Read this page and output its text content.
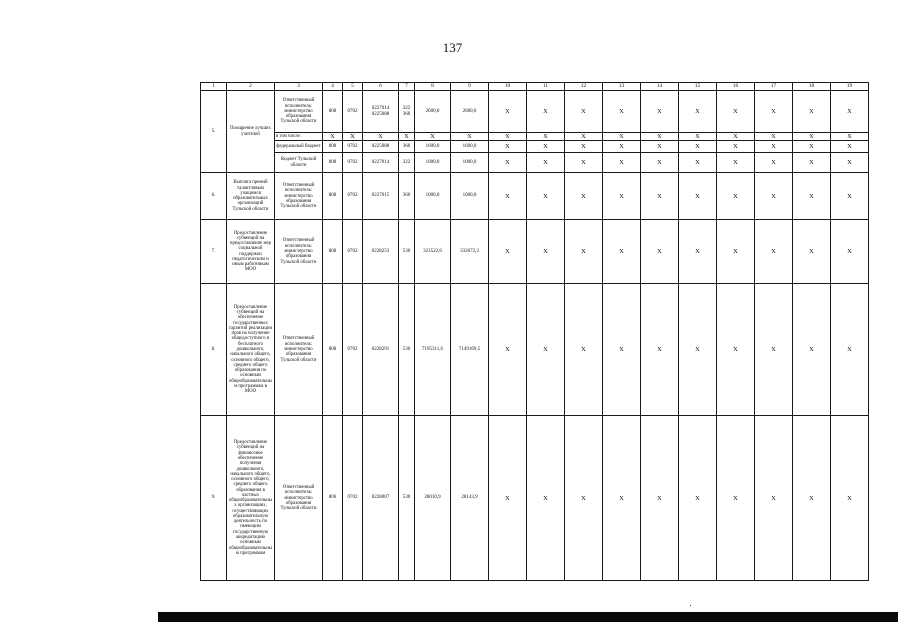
137
1	2	3	4	5	6	7	8	9	10	11	12	13	14	15	16	17	18	19
5.	Поощрение лучших учителей	Ответственный исполнитель: министерство образования Тульской области	808	0702	0227014 0225088	322 360	2600,0	2600,0	Х	Х	Х	Х	Х	Х	Х	Х	Х	Х
		в том числе:	Х	Х	Х	Х	Х	Х	Х	Х	Х	Х	Х	Х	Х	Х	Х	Х
		федеральный бюджет	808	0702	0225088	360	1600,0	1600,0	Х	Х	Х	Х	Х	Х	Х	Х	Х	Х
		бюджет Тульской области	808	0702	0227014	322	1000,0	1000,0	Х	Х	Х	Х	Х	Х	Х	Х	Х	Х
6.	Выплата премий талантливым учащимся образовательных организаций Тульской области	Ответственный исполнитель: министерство образования Тульской области	808	0702	0227015	360	1000,0	1000,0	Х	Х	Х	Х	Х	Х	Х	Х	Х	Х
7.	Предоставление субвенций на предоставление мер социальной поддержки педагогическим и иным работникам МОО	Ответственный исполнитель: министерство образования Тульской области	808	0702	0228253	530	323522,6	332672,3	Х	Х	Х	Х	Х	Х	Х	Х	Х	Х
8.	Предоставление субвенций на обеспечение государственных гарантий реализации прав на получение общедоступного и бесплатного дошкольного, начального общего, основного общего, среднего общего образования по основным общеобразовательным программам в МОО	Ответственный исполнитель: министерство образования Тульской области	808	0702	0228291	530	7195311,6	7149169,5	Х	Х	Х	Х	Х	Х	Х	Х	Х	Х
9.	Предоставление субвенций на финансовое обеспечение получения дошкольного, начального общего, основного общего, среднего общего образования в частных общеобразовательных организациях, осуществляющих образовательную деятельность по имеющим государственную аккредитацию основным общеобразовательным программам	Ответственный исполнитель: министерство образования Тульской области	806	0702	0228007	530	28010,9	28143,9	Х	Х	Х	Х	Х	Х	Х	Х	Х	Х
